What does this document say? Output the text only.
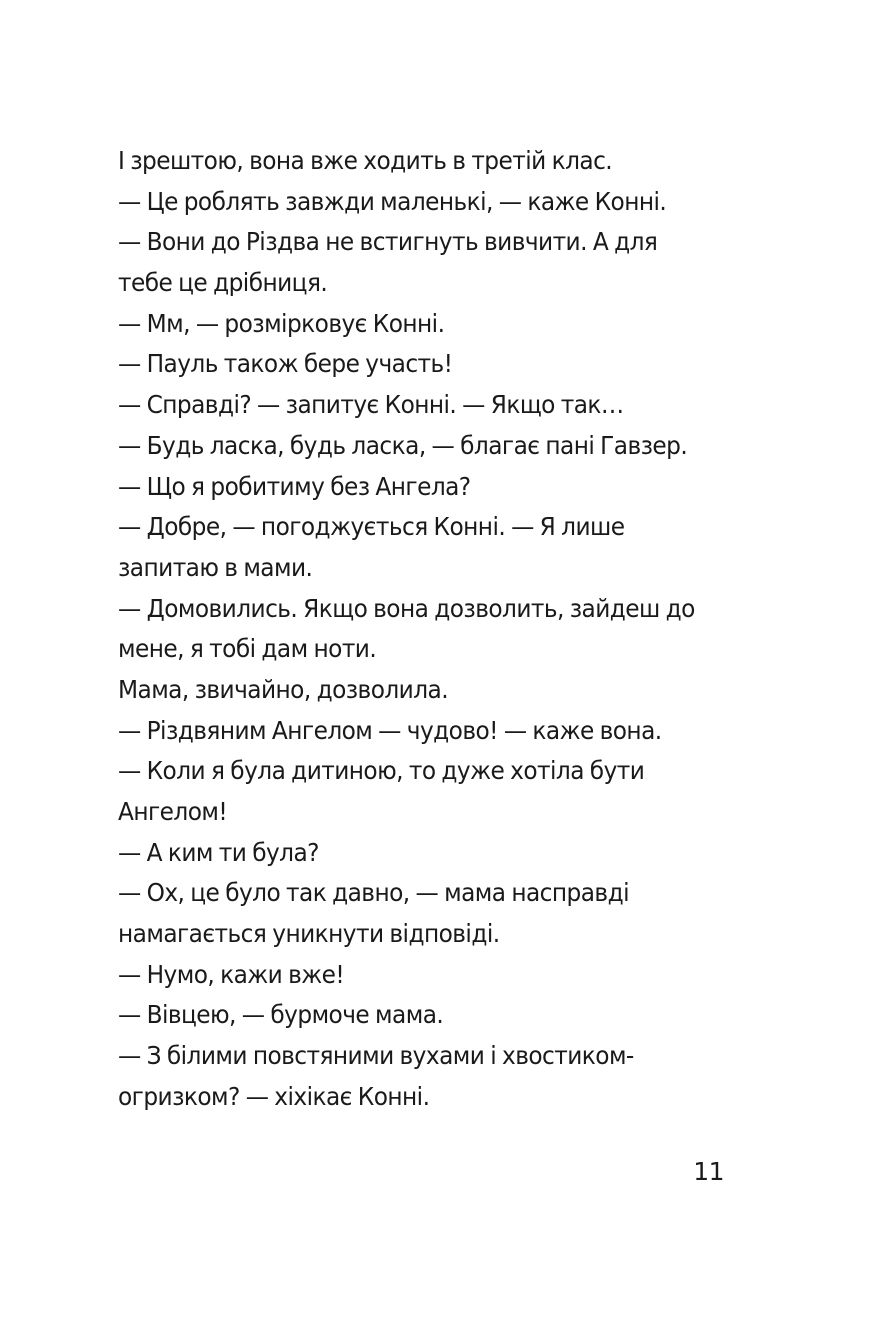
І зрештою, вона вже ходить в третій клас.
— Це роблять завжди маленькі, — каже Конні.
— Вони до Різдва не встигнуть вивчити. А для
тебе це дрібниця.
— Мм, — розмірковує Конні.
— Пауль також бере участь!
— Справді? — запитує Конні. — Якщо так…
— Будь ласка, будь ласка, — благає пані Гавзер.
— Що я робитиму без Ангела?
— Добре, — погоджується Конні. — Я лише
запитаю в мами.
— Домовились. Якщо вона дозволить, зайдеш до
мене, я тобі дам ноти.
Мама, звичайно, дозволила.
— Різдвяним Ангелом — чудово! — каже вона.
— Коли я була дитиною, то дуже хотіла бути
Ангелом!
— А ким ти була?
— Ох, це було так давно, — мама насправді
намагається уникнути відповіді.
— Нумо, кажи вже!
— Вівцею, — бурмоче мама.
— З білими повстяними вухами і хвостиком-
огризком? — хіхікає Конні.
11
